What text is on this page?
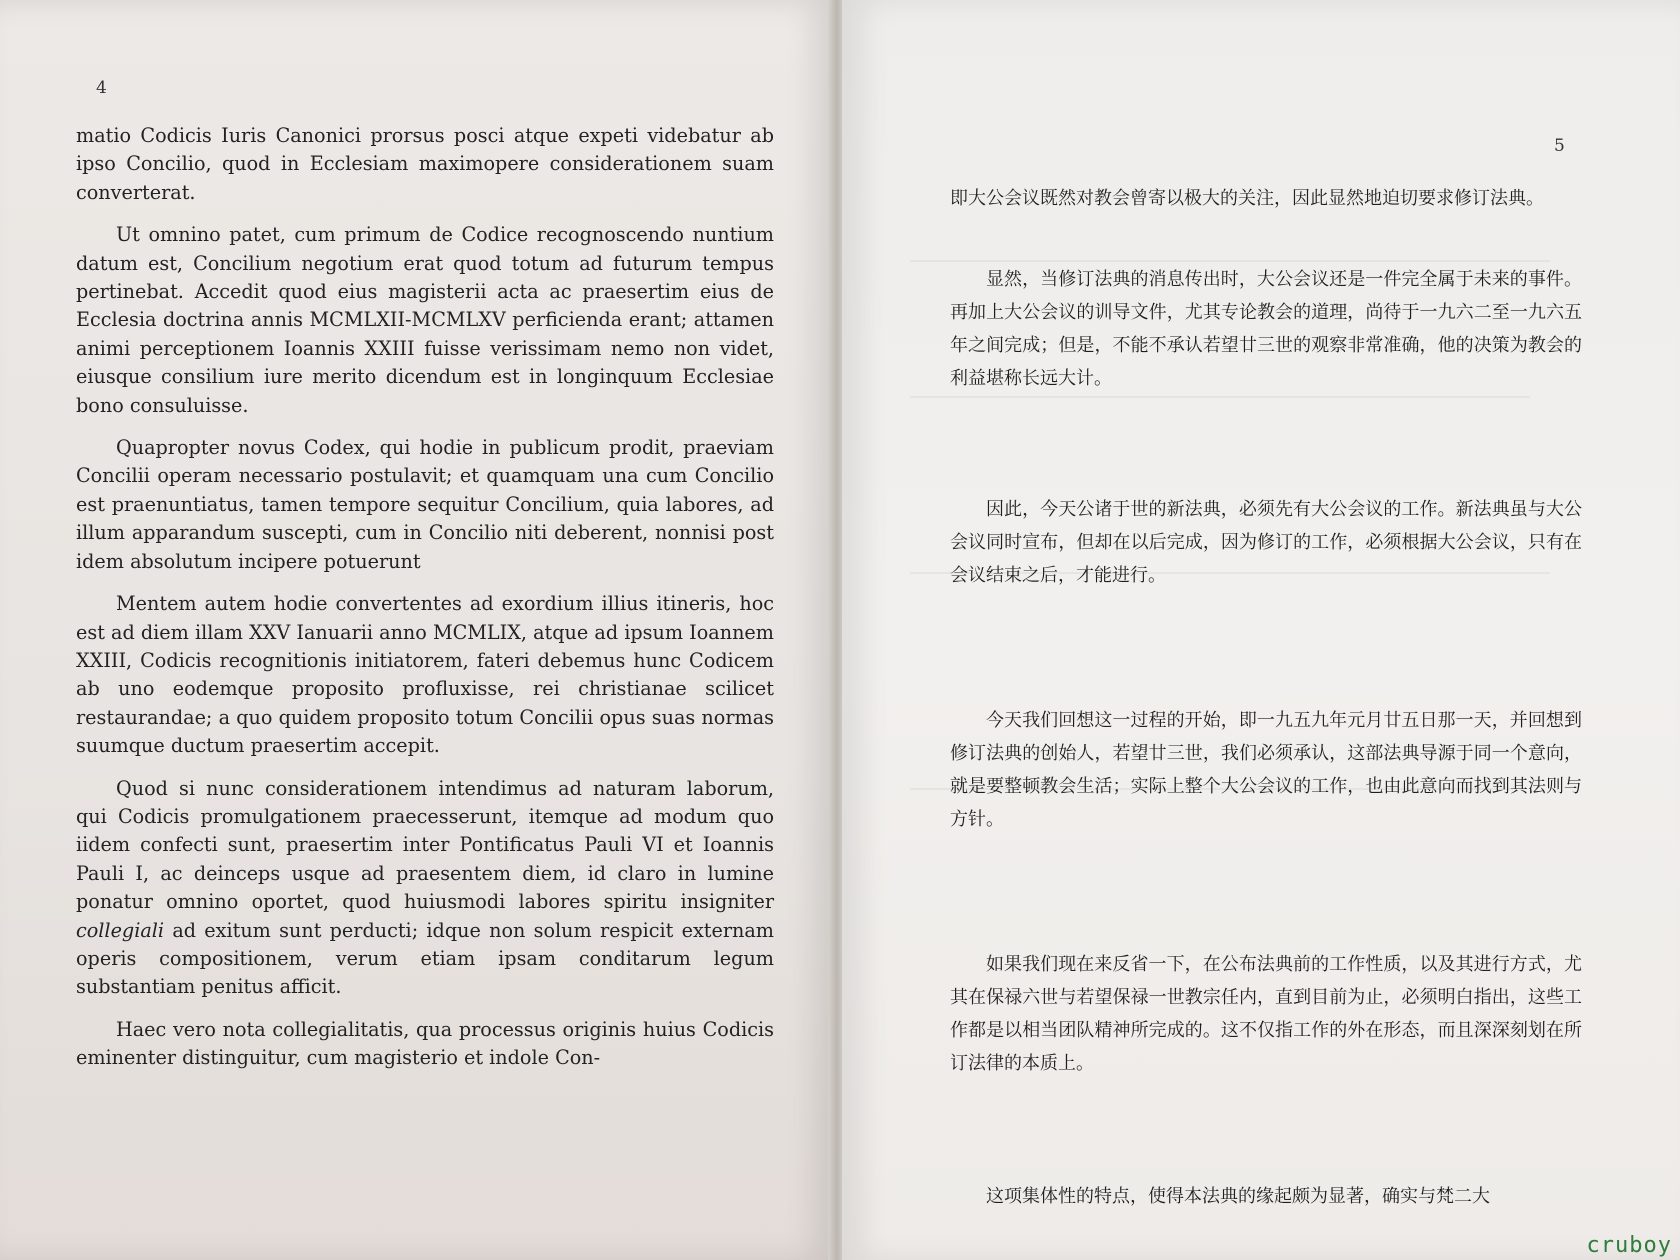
4

matio Codicis Iuris Canonici prorsus posci atque expeti videbatur ab ipso Concilio, quod in Ecclesiam maximopere considerationem suam converterat.

Ut omnino patet, cum primum de Codice recognoscendo nuntium datum est, Concilium negotium erat quod totum ad futurum tempus pertinebat. Accedit quod eius magisterii acta ac praesertim eius de Ecclesia doctrina annis MCMLXII-MCMLXV perficienda erant; attamen animi perceptionem Ioannis XXIII fuisse verissimam nemo non videt, eiusque consilium iure merito dicendum est in longinquum Ecclesiae bono consuluisse.

Quapropter novus Codex, qui hodie in publicum prodit, praeviam Concilii operam necessario postulavit; et quamquam una cum Concilio est praenuntiatus, tamen tempore sequitur Concilium, quia labores, ad illum apparandum suscepti, cum in Concilio niti deberent, nonnisi post idem absolutum incipere potuerunt

Mentem autem hodie convertentes ad exordium illius itineris, hoc est ad diem illam XXV Ianuarii anno MCMLIX, atque ad ipsum Ioannem XXIII, Codicis recognitionis initiatorem, fateri debemus hunc Codicem ab uno eodemque proposito profluxisse, rei christianae scilicet restaurandae; a quo quidem proposito totum Concilii opus suas normas suumque ductum praesertim accepit.

Quod si nunc considerationem intendimus ad naturam laborum, qui Codicis promulgationem praecesserunt, itemque ad modum quo iidem confecti sunt, praesertim inter Pontificatus Pauli VI et Ioannis Pauli I, ac deinceps usque ad praesentem diem, id claro in lumine ponatur omnino oportet, quod huiusmodi labores spiritu insigniter collegiali ad exitum sunt perducti; idque non solum respicit externam operis compositionem, verum etiam ipsam conditarum legum substantiam penitus afficit.

Haec vero nota collegialitatis, qua processus originis huius Codicis eminenter distinguitur, cum magisterio et indole Con-

5

即大公会议既然对教会曾寄以极大的关注，因此显然地迫切要求修订法典。

显然，当修订法典的消息传出时，大公会议还是一件完全属于未来的事件。再加上大公会议的训导文件，尤其专论教会的道理，尚待于一九六二至一九六五年之间完成；但是，不能不承认若望廿三世的观察非常准确，他的决策为教会的利益堪称长远大计。

因此，今天公诸于世的新法典，必须先有大公会议的工作。新法典虽与大公会议同时宣布，但却在以后完成，因为修订的工作，必须根据大公会议，只有在会议结束之后，才能进行。

今天我们回想这一过程的开始，即一九五九年元月廿五日那一天，并回想到修订法典的创始人，若望廿三世，我们必须承认，这部法典导源于同一个意向，就是要整顿教会生活；实际上整个大公会议的工作，也由此意向而找到其法则与方针。

如果我们现在来反省一下，在公布法典前的工作性质，以及其进行方式，尤其在保禄六世与若望保禄一世教宗任内，直到目前为止，必须明白指出，这些工作都是以相当团队精神所完成的。这不仅指工作的外在形态，而且深深刻划在所订法律的本质上。

这项集体性的特点，使得本法典的缘起颇为显著，确实与梵二大

cruboy
